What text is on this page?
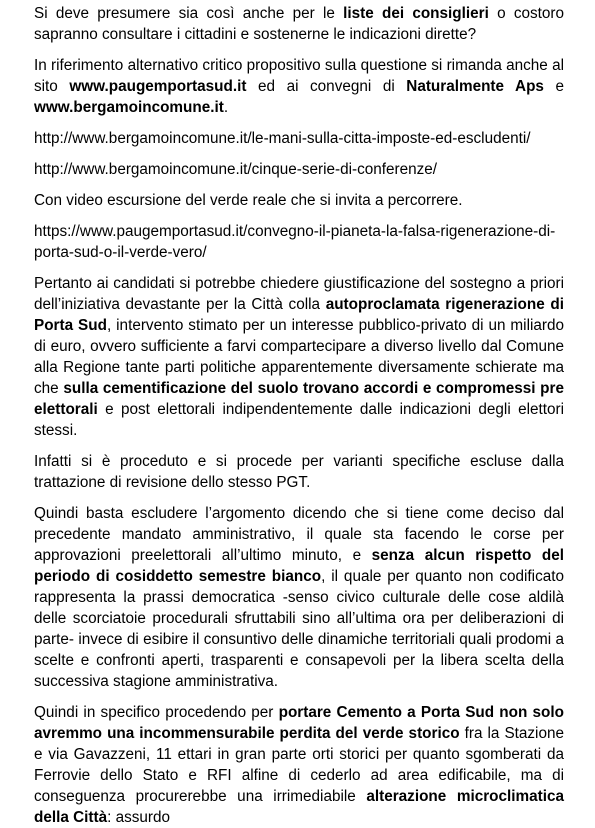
Si deve presumere sia così anche per le liste dei consiglieri o costoro sapranno consultare i cittadini e sostenerne le indicazioni dirette?

In riferimento alternativo critico propositivo sulla questione si rimanda anche al sito www.paugemportasud.it ed ai convegni di Naturalmente Aps e www.bergamoincomune.it.

http://www.bergamoincomune.it/le-mani-sulla-citta-imposte-ed-escludenti/

http://www.bergamoincomune.it/cinque-serie-di-conferenze/

Con video escursione del verde reale che si invita a percorrere.

https://www.paugemportasud.it/convegno-il-pianeta-la-falsa-rigenerazione-di-porta-sud-o-il-verde-vero/

Pertanto ai candidati si potrebbe chiedere giustificazione del sostegno a priori dell’iniziativa devastante per la Città colla autoproclamata rigenerazione di Porta Sud, intervento stimato per un interesse pubblico-privato di un miliardo di euro, ovvero sufficiente a farvi compartecipare a diverso livello dal Comune alla Regione tante parti politiche apparentemente diversamente schierate ma che sulla cementificazione del suolo trovano accordi e compromessi pre elettorali e post elettorali indipendentemente dalle indicazioni degli elettori stessi.

Infatti si è proceduto e si procede per varianti specifiche escluse dalla trattazione di revisione dello stesso PGT.

Quindi basta escludere l’argomento dicendo che si tiene come deciso dal precedente mandato amministrativo, il quale sta facendo le corse per approvazioni preelettorali all’ultimo minuto, e senza alcun rispetto del periodo di cosiddetto semestre bianco, il quale per quanto non codificato rappresenta la prassi democratica -senso civico culturale delle cose aldilà delle scorciatoie procedurali sfruttabili sino all’ultima ora per deliberazioni di parte- invece di esibire il consuntivo delle dinamiche territoriali quali prodomi a scelte e confronti aperti, trasparenti e consapevoli per la libera scelta della successiva stagione amministrativa.

Quindi in specifico procedendo per portare Cemento a Porta Sud non solo avremmo una incommensurabile perdita del verde storico fra la Stazione e via Gavazzeni, 11 ettari in gran parte orti storici per quanto sgomberati da Ferrovie dello Stato e RFI alfine di cederlo ad area edificabile, ma di conseguenza procurerebbe una irrimediabile alterazione microclimatica della Città: assurdo
